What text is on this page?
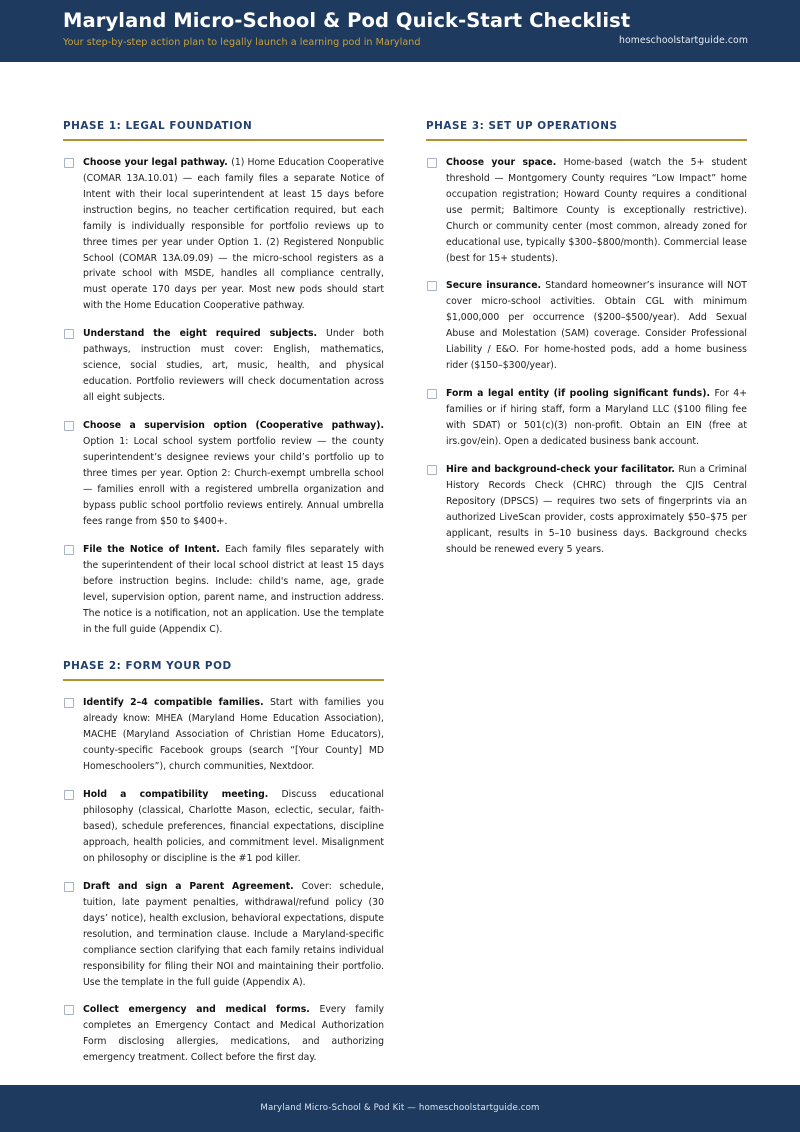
Maryland Micro-School & Pod Quick-Start Checklist
Your step-by-step action plan to legally launch a learning pod in Maryland	homeschoolstartguide.com
PHASE 1: LEGAL FOUNDATION
Choose your legal pathway. (1) Home Education Cooperative (COMAR 13A.10.01) — each family files a separate Notice of Intent with their local superintendent at least 15 days before instruction begins, no teacher certification required, but each family is individually responsible for portfolio reviews up to three times per year under Option 1. (2) Registered Nonpublic School (COMAR 13A.09.09) — the micro-school registers as a private school with MSDE, handles all compliance centrally, must operate 170 days per year. Most new pods should start with the Home Education Cooperative pathway.
Understand the eight required subjects. Under both pathways, instruction must cover: English, mathematics, science, social studies, art, music, health, and physical education. Portfolio reviewers will check documentation across all eight subjects.
Choose a supervision option (Cooperative pathway). Option 1: Local school system portfolio review — the county superintendent’s designee reviews your child’s portfolio up to three times per year. Option 2: Church-exempt umbrella school — families enroll with a registered umbrella organization and bypass public school portfolio reviews entirely. Annual umbrella fees range from $50 to $400+.
File the Notice of Intent. Each family files separately with the superintendent of their local school district at least 15 days before instruction begins. Include: child's name, age, grade level, supervision option, parent name, and instruction address. The notice is a notification, not an application. Use the template in the full guide (Appendix C).
PHASE 2: FORM YOUR POD
Identify 2–4 compatible families. Start with families you already know: MHEA (Maryland Home Education Association), MACHE (Maryland Association of Christian Home Educators), county-specific Facebook groups (search “[Your County] MD Homeschoolers”), church communities, Nextdoor.
Hold a compatibility meeting. Discuss educational philosophy (classical, Charlotte Mason, eclectic, secular, faith-based), schedule preferences, financial expectations, discipline approach, health policies, and commitment level. Misalignment on philosophy or discipline is the #1 pod killer.
Draft and sign a Parent Agreement. Cover: schedule, tuition, late payment penalties, withdrawal/refund policy (30 days’ notice), health exclusion, behavioral expectations, dispute resolution, and termination clause. Include a Maryland-specific compliance section clarifying that each family retains individual responsibility for filing their NOI and maintaining their portfolio. Use the template in the full guide (Appendix A).
Collect emergency and medical forms. Every family completes an Emergency Contact and Medical Authorization Form disclosing allergies, medications, and authorizing emergency treatment. Collect before the first day.
PHASE 3: SET UP OPERATIONS
Choose your space. Home-based (watch the 5+ student threshold — Montgomery County requires “Low Impact” home occupation registration; Howard County requires a conditional use permit; Baltimore County is exceptionally restrictive). Church or community center (most common, already zoned for educational use, typically $300–$800/month). Commercial lease (best for 15+ students).
Secure insurance. Standard homeowner’s insurance will NOT cover micro-school activities. Obtain CGL with minimum $1,000,000 per occurrence ($200–$500/year). Add Sexual Abuse and Molestation (SAM) coverage. Consider Professional Liability / E&O. For home-hosted pods, add a home business rider ($150–$300/year).
Form a legal entity (if pooling significant funds). For 4+ families or if hiring staff, form a Maryland LLC ($100 filing fee with SDAT) or 501(c)(3) non-profit. Obtain an EIN (free at irs.gov/ein). Open a dedicated business bank account.
Hire and background-check your facilitator. Run a Criminal History Records Check (CHRC) through the CJIS Central Repository (DPSCS) — requires two sets of fingerprints via an authorized LiveScan provider, costs approximately $50–$75 per applicant, results in 5–10 business days. Background checks should be renewed every 5 years.
Maryland Micro-School & Pod Kit — homeschoolstartguide.com
